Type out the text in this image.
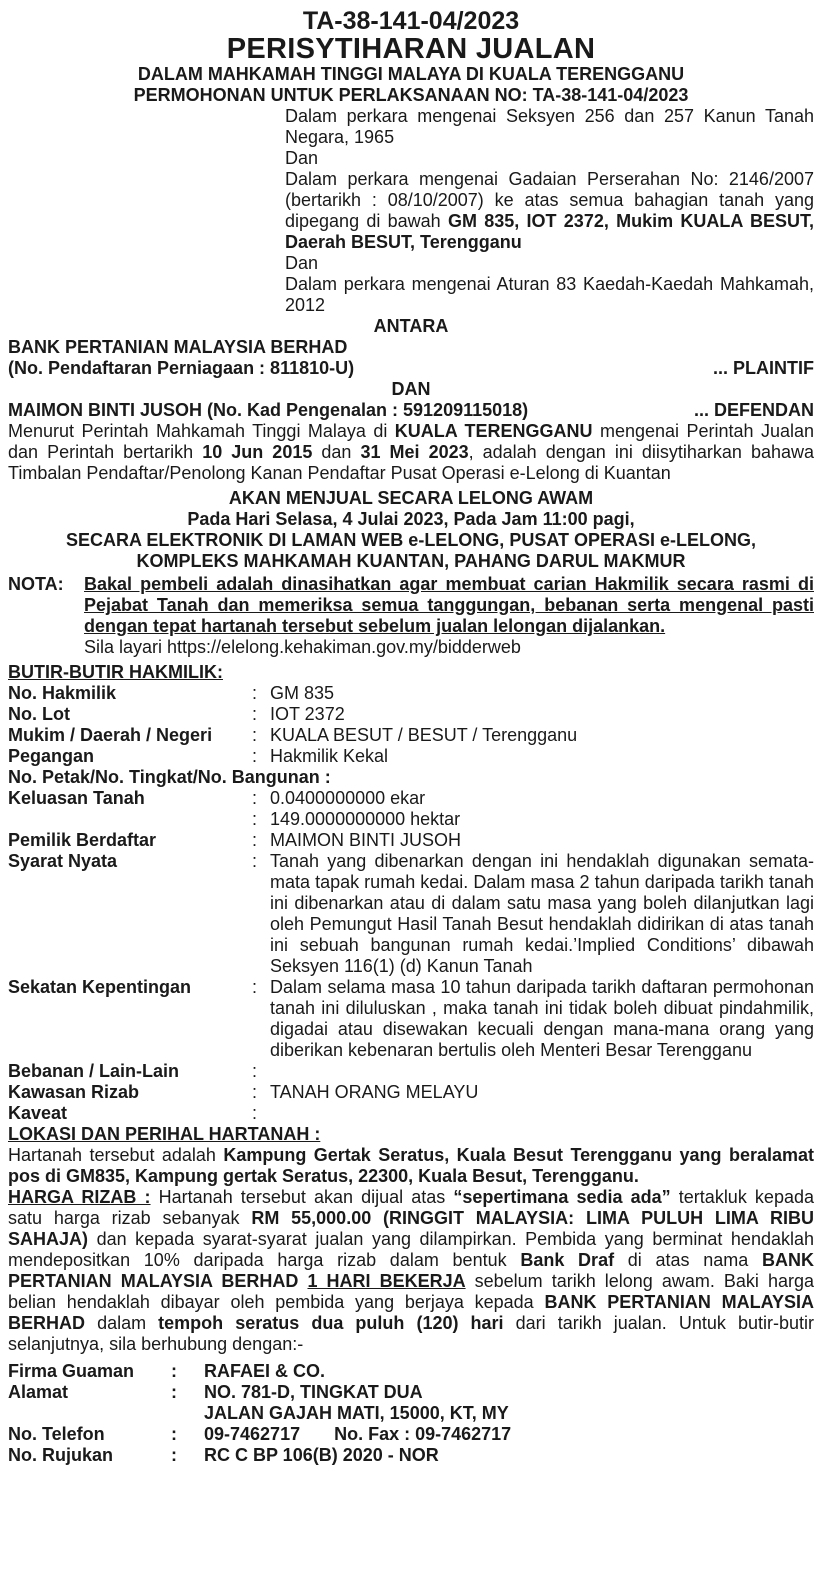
TA-38-141-04/2023
PERISYTIHARAN JUALAN
DALAM MAHKAMAH TINGGI MALAYA DI KUALA TERENGGANU
PERMOHONAN UNTUK PERLAKSANAAN NO: TA-38-141-04/2023
Dalam perkara mengenai Seksyen 256 dan 257 Kanun Tanah Negara, 1965
Dan
Dalam perkara mengenai Gadaian Perserahan No: 2146/2007 (bertarikh : 08/10/2007) ke atas semua bahagian tanah yang dipegang di bawah GM 835, IOT 2372, Mukim KUALA BESUT, Daerah BESUT, Terengganu
Dan
Dalam perkara mengenai Aturan 83 Kaedah-Kaedah Mahkamah, 2012
ANTARA
BANK PERTANIAN MALAYSIA BERHAD
(No. Pendaftaran Perniagaan : 811810-U)	... PLAINTIF
DAN
MAIMON BINTI JUSOH (No. Kad Pengenalan : 591209115018)	... DEFENDAN
Menurut Perintah Mahkamah Tinggi Malaya di KUALA TERENGGANU mengenai Perintah Jualan dan Perintah bertarikh 10 Jun 2015 dan 31 Mei 2023, adalah dengan ini diisytiharkan bahawa Timbalan Pendaftar/Penolong Kanan Pendaftar Pusat Operasi e-Lelong di Kuantan
AKAN MENJUAL SECARA LELONG AWAM
Pada Hari Selasa, 4 Julai 2023, Pada Jam 11:00 pagi,
SECARA ELEKTRONIK DI LAMAN WEB e-LELONG, PUSAT OPERASI e-LELONG,
KOMPLEKS MAHKAMAH KUANTAN, PAHANG DARUL MAKMUR
NOTA:	Bakal pembeli adalah dinasihatkan agar membuat carian Hakmilik secara rasmi di Pejabat Tanah dan memeriksa semua tanggungan, bebanan serta mengenal pasti dengan tepat hartanah tersebut sebelum jualan lelongan dijalankan.
Sila layari https://elelong.kehakiman.gov.my/bidderweb
BUTIR-BUTIR HAKMILIK:
No. Hakmilik	: GM 835
No. Lot	: IOT 2372
Mukim / Daerah / Negeri	: KUALA BESUT / BESUT / Terengganu
Pegangan	: Hakmilik Kekal
No. Petak/No. Tingkat/No. Bangunan :
Keluasan Tanah	: 0.0400000000 ekar
: 149.0000000000 hektar
Pemilik Berdaftar	: MAIMON BINTI JUSOH
Syarat Nyata	: Tanah yang dibenarkan dengan ini hendaklah digunakan semata-mata tapak rumah kedai. Dalam masa 2 tahun daripada tarikh tanah ini dibenarkan atau di dalam satu masa yang boleh dilanjutkan lagi oleh Pemungut Hasil Tanah Besut hendaklah didirikan di atas tanah ini sebuah bangunan rumah kedai.’Implied Conditions’ dibawah Seksyen 116(1) (d) Kanun Tanah
Sekatan Kepentingan	: Dalam selama masa 10 tahun daripada tarikh daftaran permohonan tanah ini diluluskan , maka tanah ini tidak boleh dibuat pindahmilik, digadai atau disewakan kecuali dengan mana-mana orang yang diberikan kebenaran bertulis oleh Menteri Besar Terengganu
Bebanan / Lain-Lain	:
Kawasan Rizab	: TANAH ORANG MELAYU
Kaveat	:
LOKASI DAN PERIHAL HARTANAH :
Hartanah tersebut adalah Kampung Gertak Seratus, Kuala Besut Terengganu yang beralamat pos di GM835, Kampung gertak Seratus, 22300, Kuala Besut, Terengganu.
HARGA RIZAB : Hartanah tersebut akan dijual atas “sepertimana sedia ada” tertakluk kepada satu harga rizab sebanyak RM 55,000.00 (RINGGIT MALAYSIA: LIMA PULUH LIMA RIBU SAHAJA) dan kepada syarat-syarat jualan yang dilampirkan. Pembida yang berminat hendaklah mendepositkan 10% daripada harga rizab dalam bentuk Bank Draf di atas nama BANK PERTANIAN MALAYSIA BERHAD 1 HARI BEKERJA sebelum tarikh lelong awam. Baki harga belian hendaklah dibayar oleh pembida yang berjaya kepada BANK PERTANIAN MALAYSIA BERHAD dalam tempoh seratus dua puluh (120) hari dari tarikh jualan. Untuk butir-butir selanjutnya, sila berhubung dengan:-
Firma Guaman	:	RAFAEI & CO.
Alamat	:	NO. 781-D, TINGKAT DUA
JALAN GAJAH MATI, 15000, KT, MY
No. Telefon	:	09-7462717 No. Fax : 09-7462717
No. Rujukan	:	RC C BP 106(B) 2020 - NOR
